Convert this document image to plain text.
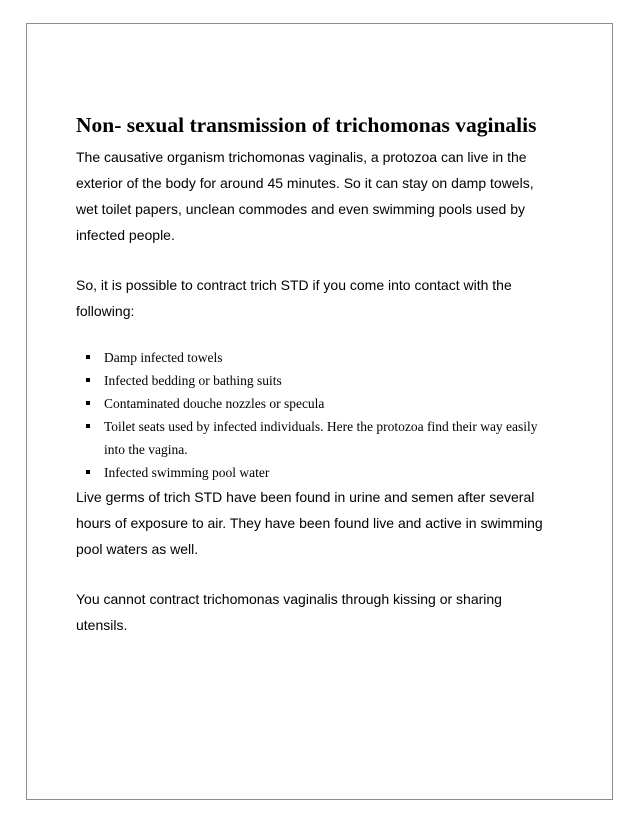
Non- sexual transmission of trichomonas vaginalis

The causative organism trichomonas vaginalis, a protozoa can live in the exterior of the body for around 45 minutes. So it can stay on damp towels, wet toilet papers, unclean commodes and even swimming pools used by infected people.

So, it is possible to contract trich STD if you come into contact with the following:

Damp infected towels
Infected bedding or bathing suits
Contaminated douche nozzles or specula
Toilet seats used by infected individuals. Here the protozoa find their way easily into the vagina.
Infected swimming pool water

Live germs of trich STD have been found in urine and semen after several hours of exposure to air. They have been found live and active in swimming pool waters as well.

You cannot contract trichomonas vaginalis through kissing or sharing utensils.
